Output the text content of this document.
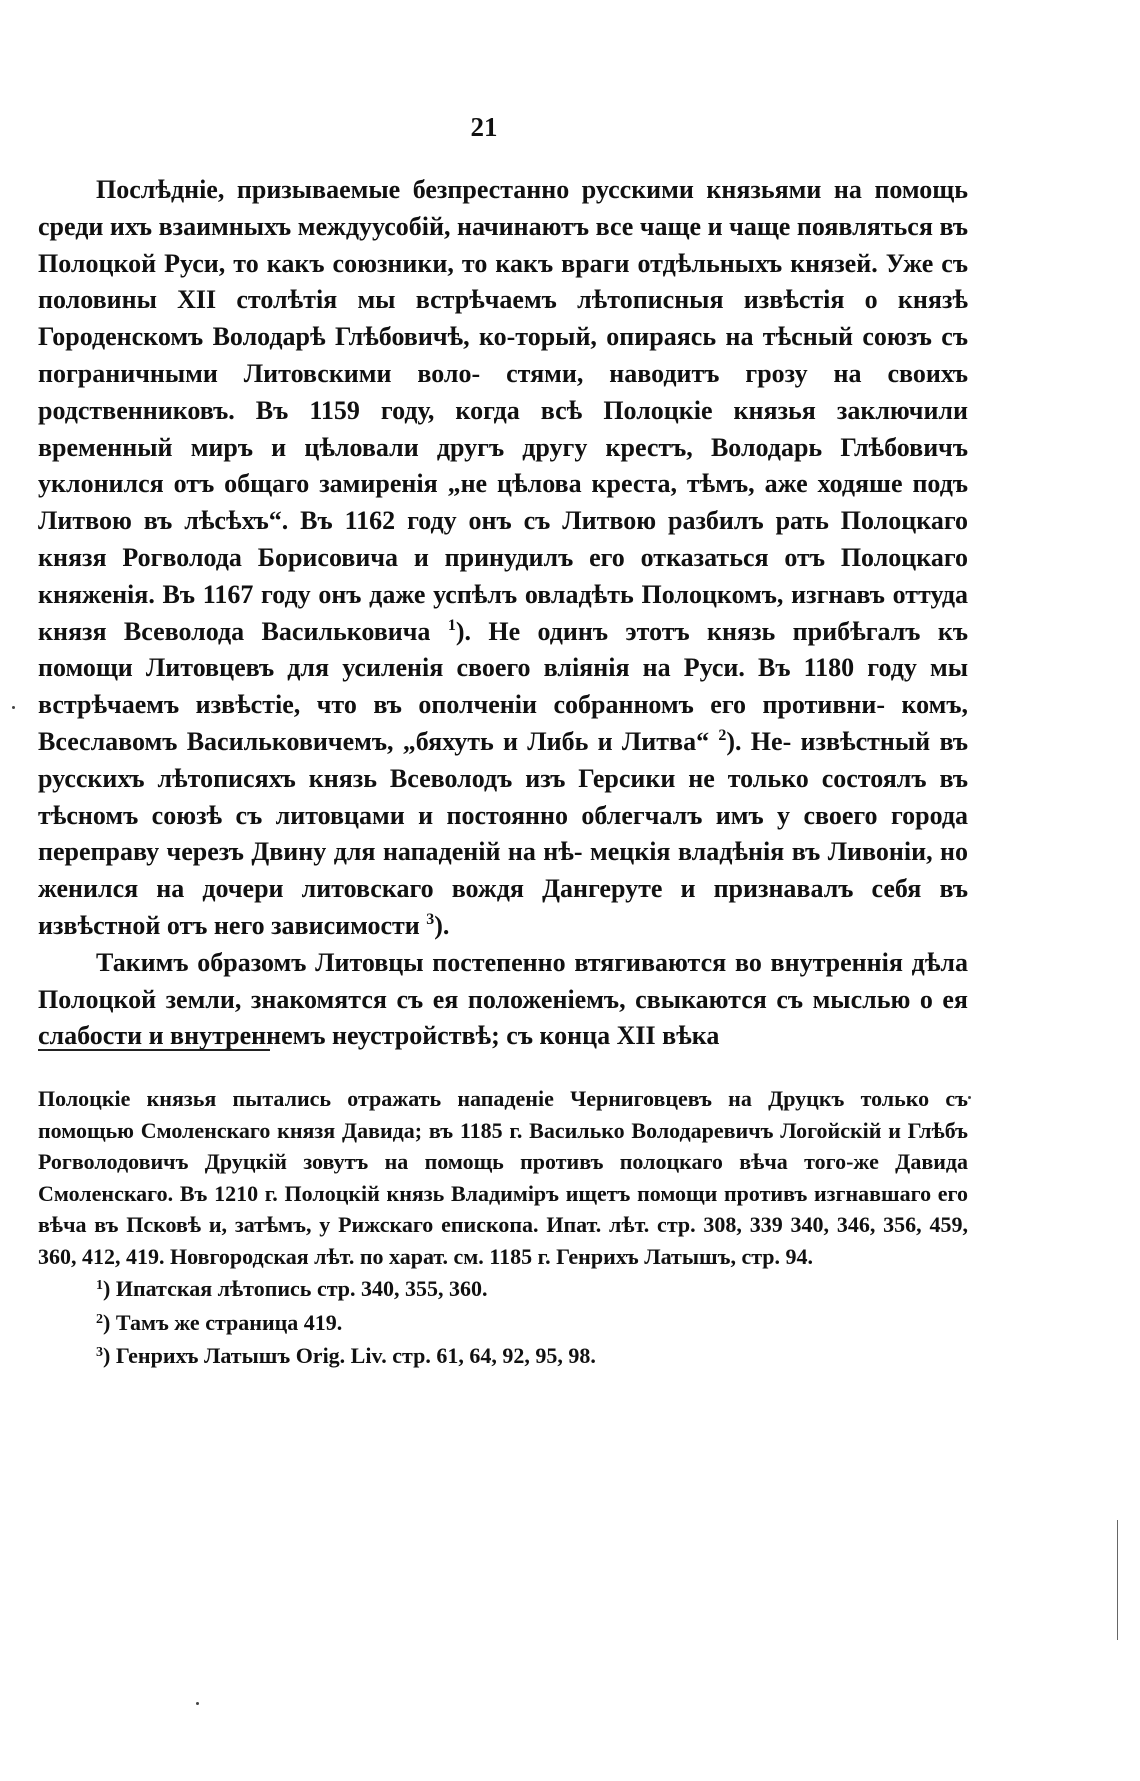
21

Послѣдніе, призываемые безпрестанно русскими князьями на помощь среди ихъ взаимныхъ междуусобій, начинаютъ все чаще и чаще появляться въ Полоцкой Руси, то какъ союзники, то какъ враги отдѣльныхъ князей. Уже съ половины XII столѣтія мы встрѣчаемъ лѣтописныя извѣстія о князѣ Городенскомъ Володарѣ Глѣбовичѣ, ко-торый, опираясь на тѣсный союзъ съ пограничными Литовскими воло- стями, наводитъ грозу на своихъ родственниковъ. Въ 1159 году, когда всѣ Полоцкіе князья заключили временный миръ и цѣловали другъ другу крестъ, Володарь Глѣбовичъ уклонился отъ общаго замиренія „не цѣлова креста, тѣмъ, аже ходяше подъ Литвою въ лѣсѣхъ“. Въ 1162 году онъ съ Литвою разбилъ рать Полоцкаго князя Рогволода Борисовича и принудилъ его отказаться отъ Полоцкаго княженія. Въ 1167 году онъ даже успѣлъ овладѣть Полоцкомъ, изгнавъ оттуда князя Всеволода Васильковича $^1$). Не одинъ этотъ князь прибѣгалъ къ помощи Литовцевъ для усиленія своего вліянія на Руси. Въ 1180 году мы встрѣчаемъ извѣстіе, что въ ополченіи собранномъ его противни- комъ, Всеславомъ Васильковичемъ, „бяхуть и Либь и Литва“ $^2$). Не- извѣстный въ русскихъ лѣтописяхъ князь Всеволодъ изъ Герсики не только состоялъ въ тѣсномъ союзѣ съ литовцами и постоянно облегчалъ имъ у своего города переправу черезъ Двину для нападеній на нѣ- мецкія владѣнія въ Ливоніи, но женился на дочери литовскаго вождя Дангеруте и признавалъ себя въ извѣстной отъ него зависимости $^3$).

Такимъ образомъ Литовцы постепенно втягиваются во внутреннія дѣла Полоцкой земли, знакомятся съ ея положеніемъ, свыкаются съ мыслью о ея слабости и внутреннемъ неустройствѣ; съ конца XII вѣка

Полоцкіе князья пытались отражать нападеніе Черниговцевъ на Друцкъ только съ помощью Смоленскаго князя Давида; въ 1185 г. Василько Володаревичъ Логойскій и Глѣбъ Рогволодовичъ Друцкій зовутъ на помощь противъ полоцкаго вѣча того-же Давида Смоленскаго. Въ 1210 г. Полоцкій князь Владиміръ ищетъ помощи противъ изгнавшаго его вѣча въ Псковѣ и, затѣмъ, у Рижскаго епископа. Ипат. лѣт. стр. 308, 339 340, 346, 356, 459, 360, 412, 419. Новгородская лѣт. по харат. см. 1185 г. Генрихъ Латышъ, стр. 94.

$^1$) Ипатская лѣтопись стр. 340, 355, 360.

$^2$) Тамъ же страница 419.

$^3$) Генрихъ Латышъ Orig. Liv. стр. 61, 64, 92, 95, 98.
